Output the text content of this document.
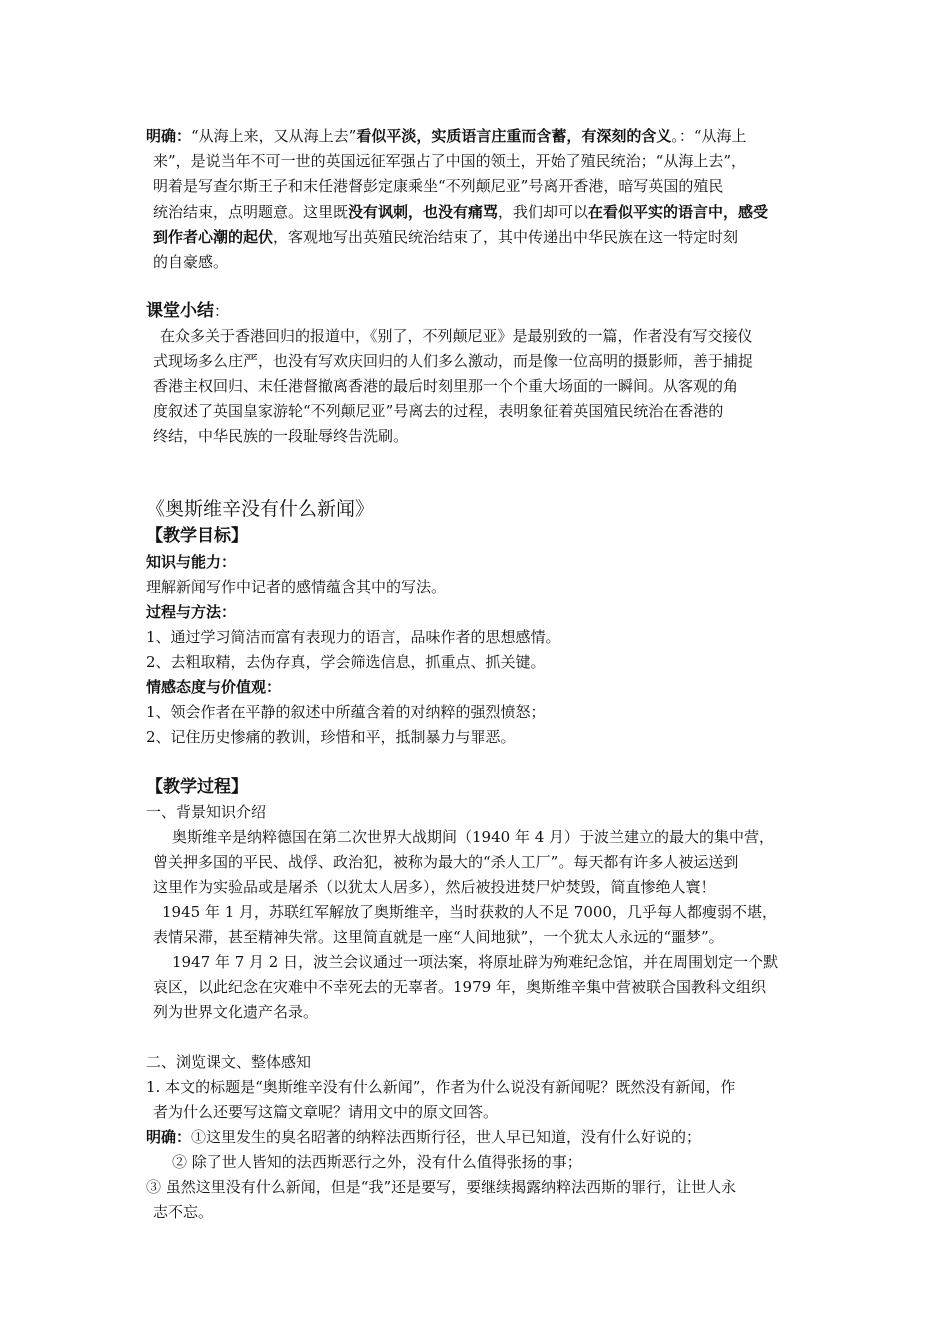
明确：“从海上来，又从海上去”看似平淡，实质语言庄重而含蓄，有深刻的含义。：“从海上
来”，是说当年不可一世的英国远征军强占了中国的领土，开始了殖民统治；“从海上去”，
明着是写查尔斯王子和末任港督彭定康乘坐“不列颠尼亚”号离开香港，暗写英国的殖民
统治结束，点明题意。这里既没有讽刺，也没有痛骂，我们却可以在看似平实的语言中，感受
到作者心潮的起伏，客观地写出英殖民统治结束了，其中传递出中华民族在这一特定时刻
的自豪感。
课堂小结：
在众多关于香港回归的报道中，《别了，不列颠尼亚》是最别致的一篇，作者没有写交接仪
式现场多么庄严，也没有写欢庆回归的人们多么激动，而是像一位高明的摄影师，善于捕捉
香港主权回归、末任港督撤离香港的最后时刻里那一个个重大场面的一瞬间。从客观的角
度叙述了英国皇家游轮“不列颠尼亚”号离去的过程，表明象征着英国殖民统治在香港的
终结，中华民族的一段耻辱终告洗刷。
《奥斯维辛没有什么新闻》
【教学目标】
知识与能力：
理解新闻写作中记者的感情蕴含其中的写法。
过程与方法：
1、通过学习简洁而富有表现力的语言，品味作者的思想感情。
2、去粗取精，去伪存真，学会筛选信息，抓重点、抓关键。
情感态度与价值观：
1、领会作者在平静的叙述中所蕴含着的对纳粹的强烈愤怒；
2、记住历史惨痛的教训，珍惜和平，抵制暴力与罪恶。
【教学过程】
一、背景知识介绍
奥斯维辛是纳粹德国在第二次世界大战期间（1940 年 4 月）于波兰建立的最大的集中营，
曾关押多国的平民、战俘、政治犯，被称为最大的“杀人工厂”。每天都有许多人被运送到
这里作为实验品或是屠杀（以犹太人居多），然后被投进焚尸炉焚毁，简直惨绝人寰！
1945 年 1 月，苏联红军解放了奥斯维辛，当时获救的人不足 7000，几乎每人都瘦弱不堪，
表情呆滞，甚至精神失常。这里简直就是一座“人间地狱”，一个犹太人永远的“噩梦”。
1947 年 7 月 2 日，波兰会议通过一项法案，将原址辟为殉难纪念馆，并在周围划定一个默
哀区，以此纪念在灾难中不幸死去的无辜者。1979 年，奥斯维辛集中营被联合国教科文组织
列为世界文化遗产名录。
二、浏览课文、整体感知
1. 本文的标题是“奥斯维辛没有什么新闻”，作者为什么说没有新闻呢？既然没有新闻，作
者为什么还要写这篇文章呢？请用文中的原文回答。
明确：①这里发生的臭名昭著的纳粹法西斯行径，世人早已知道，没有什么好说的；
② 除了世人皆知的法西斯恶行之外，没有什么值得张扬的事；
③ 虽然这里没有什么新闻，但是“我”还是要写，要继续揭露纳粹法西斯的罪行，让世人永
志不忘。
